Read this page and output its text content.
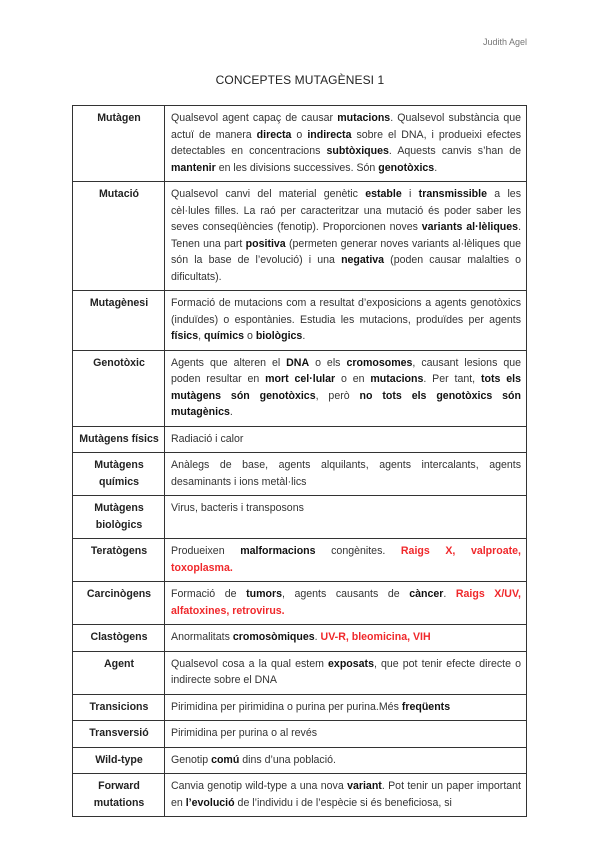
Judith Agel
CONCEPTES MUTAGÈNESI 1
Mutàgen	Qualsevol agent capaç de causar mutacions. Qualsevol substància que actuï de manera directa o indirecta sobre el DNA, i produeixi efectes detectables en concentracions subtòxiques. Aquests canvis s’han de mantenir en les divisions successives. Són genotòxics.
Mutació	Qualsevol canvi del material genètic estable i transmissible a les cèl·lules filles. La raó per caracteritzar una mutació és poder saber les seves conseqüències (fenotip). Proporcionen noves variants al·lèliques. Tenen una part positiva (permeten generar noves variants al·lèliques que són la base de l’evolució) i una negativa (poden causar malalties o dificultats).
Mutagènesi	Formació de mutacions com a resultat d’exposicions a agents genotòxics (induïdes) o espontànies. Estudia les mutacions, produïdes per agents físics, químics o biològics.
Genotòxic	Agents que alteren el DNA o els cromosomes, causant lesions que poden resultar en mort cel·lular o en mutacions. Per tant, tots els mutàgens són genotòxics, però no tots els genotòxics són mutagènics.
Mutàgens físics	Radiació i calor
Mutàgens químics	Anàlegs de base, agents alquilants, agents intercalants, agents desaminants i ions metàl·lics
Mutàgens biològics	Virus, bacteris i transposons
Teratògens	Produeixen malformacions congènites. Raigs X, valproate, toxoplasma.
Carcinògens	Formació de tumors, agents causants de càncer. Raigs X/UV, alfatoxines, retrovirus.
Clastògens	Anormalitats cromosòmiques. UV-R, bleomicina, VIH
Agent	Qualsevol cosa a la qual estem exposats, que pot tenir efecte directe o indirecte sobre el DNA
Transicions	Pirimidina per pirimidina o purina per purina.Més freqüents
Transversió	Pirimidina per purina o al revés
Wild-type	Genotip comú dins d’una població.
Forward mutations	Canvia genotip wild-type a una nova variant. Pot tenir un paper important en l’evolució de l’individu i de l’espècie si és beneficiosa, si
